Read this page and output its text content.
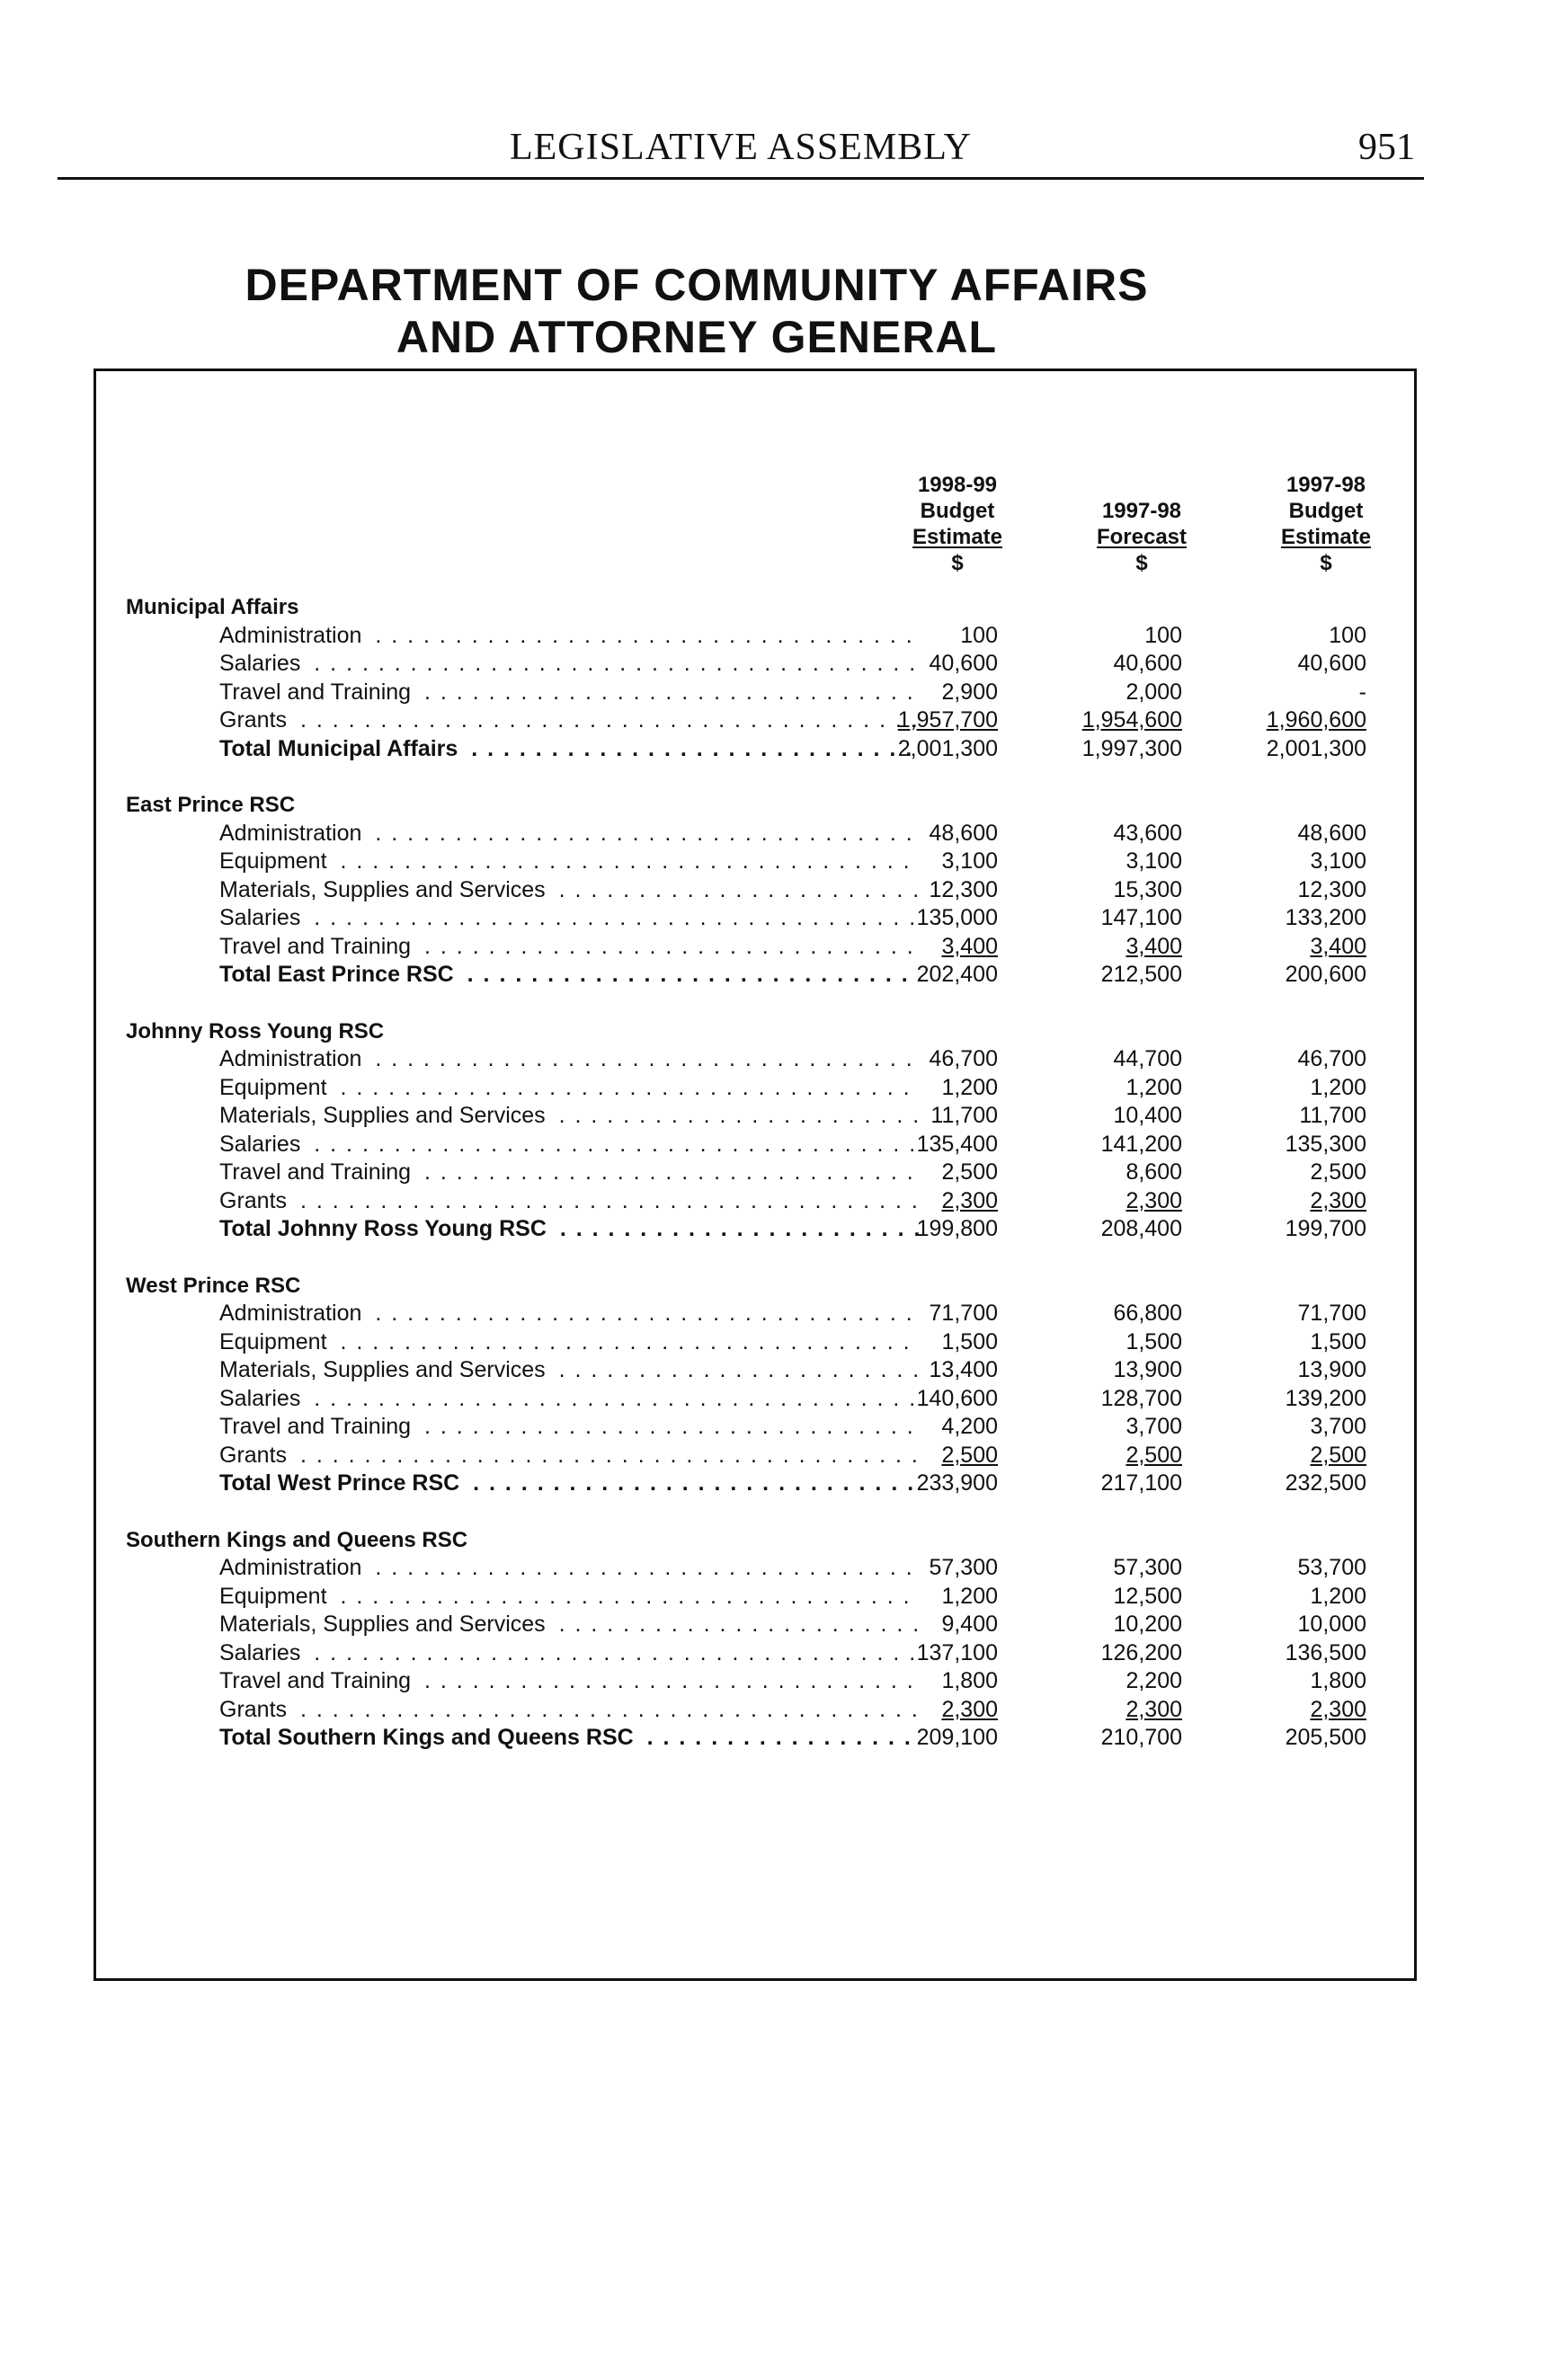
LEGISLATIVE ASSEMBLY	951
DEPARTMENT OF COMMUNITY AFFAIRS
AND ATTORNEY GENERAL
1998-99
Budget
Estimate
$
1997-98
Forecast
$
1997-98
Budget
Estimate
$
Municipal Affairs
Administration . . .	100	100	100
Salaries . . .	40,600	40,600	40,600
Travel and Training . . .	2,900	2,000	-
Grants . . .	1,957,700	1,954,600	1,960,600
Total Municipal Affairs . . .	2,001,300	1,997,300	2,001,300
East Prince RSC
Administration . . .	48,600	43,600	48,600
Equipment . . .	3,100	3,100	3,100
Materials, Supplies and Services . . .	12,300	15,300	12,300
Salaries . . .	135,000	147,100	133,200
Travel and Training . . .	3,400	3,400	3,400
Total East Prince RSC . . .	202,400	212,500	200,600
Johnny Ross Young RSC
Administration . . .	46,700	44,700	46,700
Equipment . . .	1,200	1,200	1,200
Materials, Supplies and Services . . .	11,700	10,400	11,700
Salaries . . .	135,400	141,200	135,300
Travel and Training . . .	2,500	8,600	2,500
Grants . . .	2,300	2,300	2,300
Total Johnny Ross Young RSC . . .	199,800	208,400	199,700
West Prince RSC
Administration . . .	71,700	66,800	71,700
Equipment . . .	1,500	1,500	1,500
Materials, Supplies and Services . . .	13,400	13,900	13,900
Salaries . . .	140,600	128,700	139,200
Travel and Training . . .	4,200	3,700	3,700
Grants . . .	2,500	2,500	2,500
Total West Prince RSC . . .	233,900	217,100	232,500
Southern Kings and Queens RSC
Administration . . .	57,300	57,300	53,700
Equipment . . .	1,200	12,500	1,200
Materials, Supplies and Services . . .	9,400	10,200	10,000
Salaries . . .	137,100	126,200	136,500
Travel and Training . . .	1,800	2,200	1,800
Grants . . .	2,300	2,300	2,300
Total Southern Kings and Queens RSC . . .	209,100	210,700	205,500
